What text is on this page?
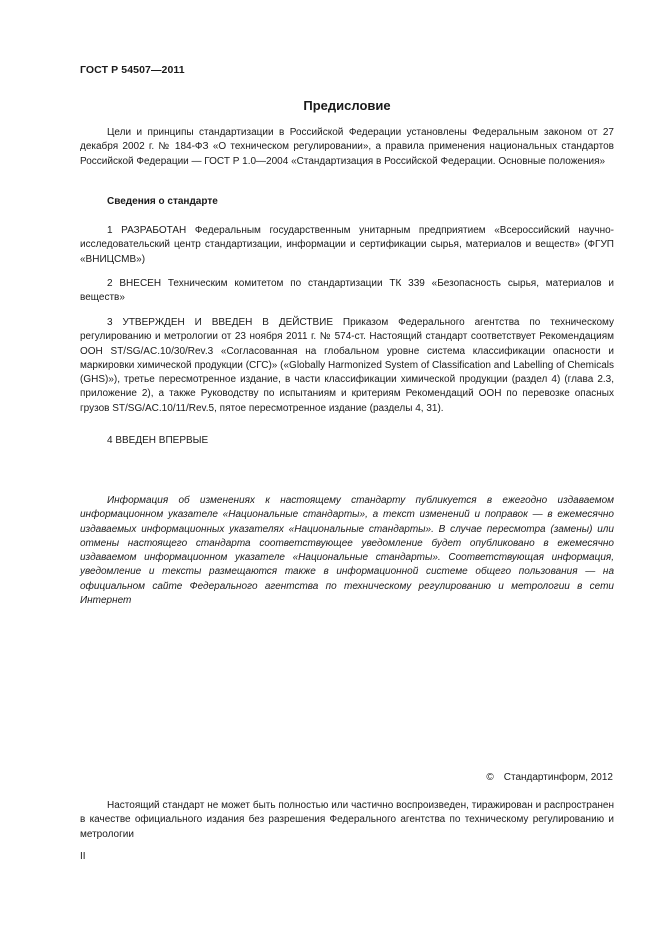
ГОСТ Р 54507—2011
Предисловие

Цели и принципы стандартизации в Российской Федерации установлены Федеральным законом от 27 декабря 2002 г. № 184-ФЗ «О техническом регулировании», а правила применения национальных стандартов Российской Федерации — ГОСТ Р 1.0—2004 «Стандартизация в Российской Федерации. Основные положения»

Сведения о стандарте

1 РАЗРАБОТАН Федеральным государственным унитарным предприятием «Всероссийский научно-исследовательский центр стандартизации, информации и сертификации сырья, материалов и веществ» (ФГУП «ВНИЦСМВ»)

2 ВНЕСЕН Техническим комитетом по стандартизации ТК 339 «Безопасность сырья, материалов и веществ»

3 УТВЕРЖДЕН И ВВЕДЕН В ДЕЙСТВИЕ Приказом Федерального агентства по техническому регулированию и метрологии от 23 ноября 2011 г. № 574-ст. Настоящий стандарт соответствует Рекомендациям ООН ST/SG/AC.10/30/Rev.3 «Согласованная на глобальном уровне система классификации опасности и маркировки химической продукции (СГС)» («Globally Harmonized System of Classification and Labelling of Chemicals (GHS)»), третье пересмотренное издание, в части классификации химической продукции (раздел 4) (глава 2.3, приложение 2), а также Руководству по испытаниям и критериям Рекомендаций ООН по перевозке опасных грузов ST/SG/AC.10/11/Rev.5, пятое пересмотренное издание (разделы 4, 31).

4 ВВЕДЕН ВПЕРВЫЕ

Информация об изменениях к настоящему стандарту публикуется в ежегодно издаваемом информационном указателе «Национальные стандарты», а текст изменений и поправок — в ежемесячно издаваемых информационных указателях «Национальные стандарты». В случае пересмотра (замены) или отмены настоящего стандарта соответствующее уведомление будет опубликовано в ежемесячно издаваемом информационном указателе «Национальные стандарты». Соответствующая информация, уведомление и тексты размещаются также в информационной системе общего пользования — на официальном сайте Федерального агентства по техническому регулированию и метрологии в сети Интернет

© Стандартинформ, 2012

Настоящий стандарт не может быть полностью или частично воспроизведен, тиражирован и распространен в качестве официального издания без разрешения Федерального агентства по техническому регулированию и метрологии

II
